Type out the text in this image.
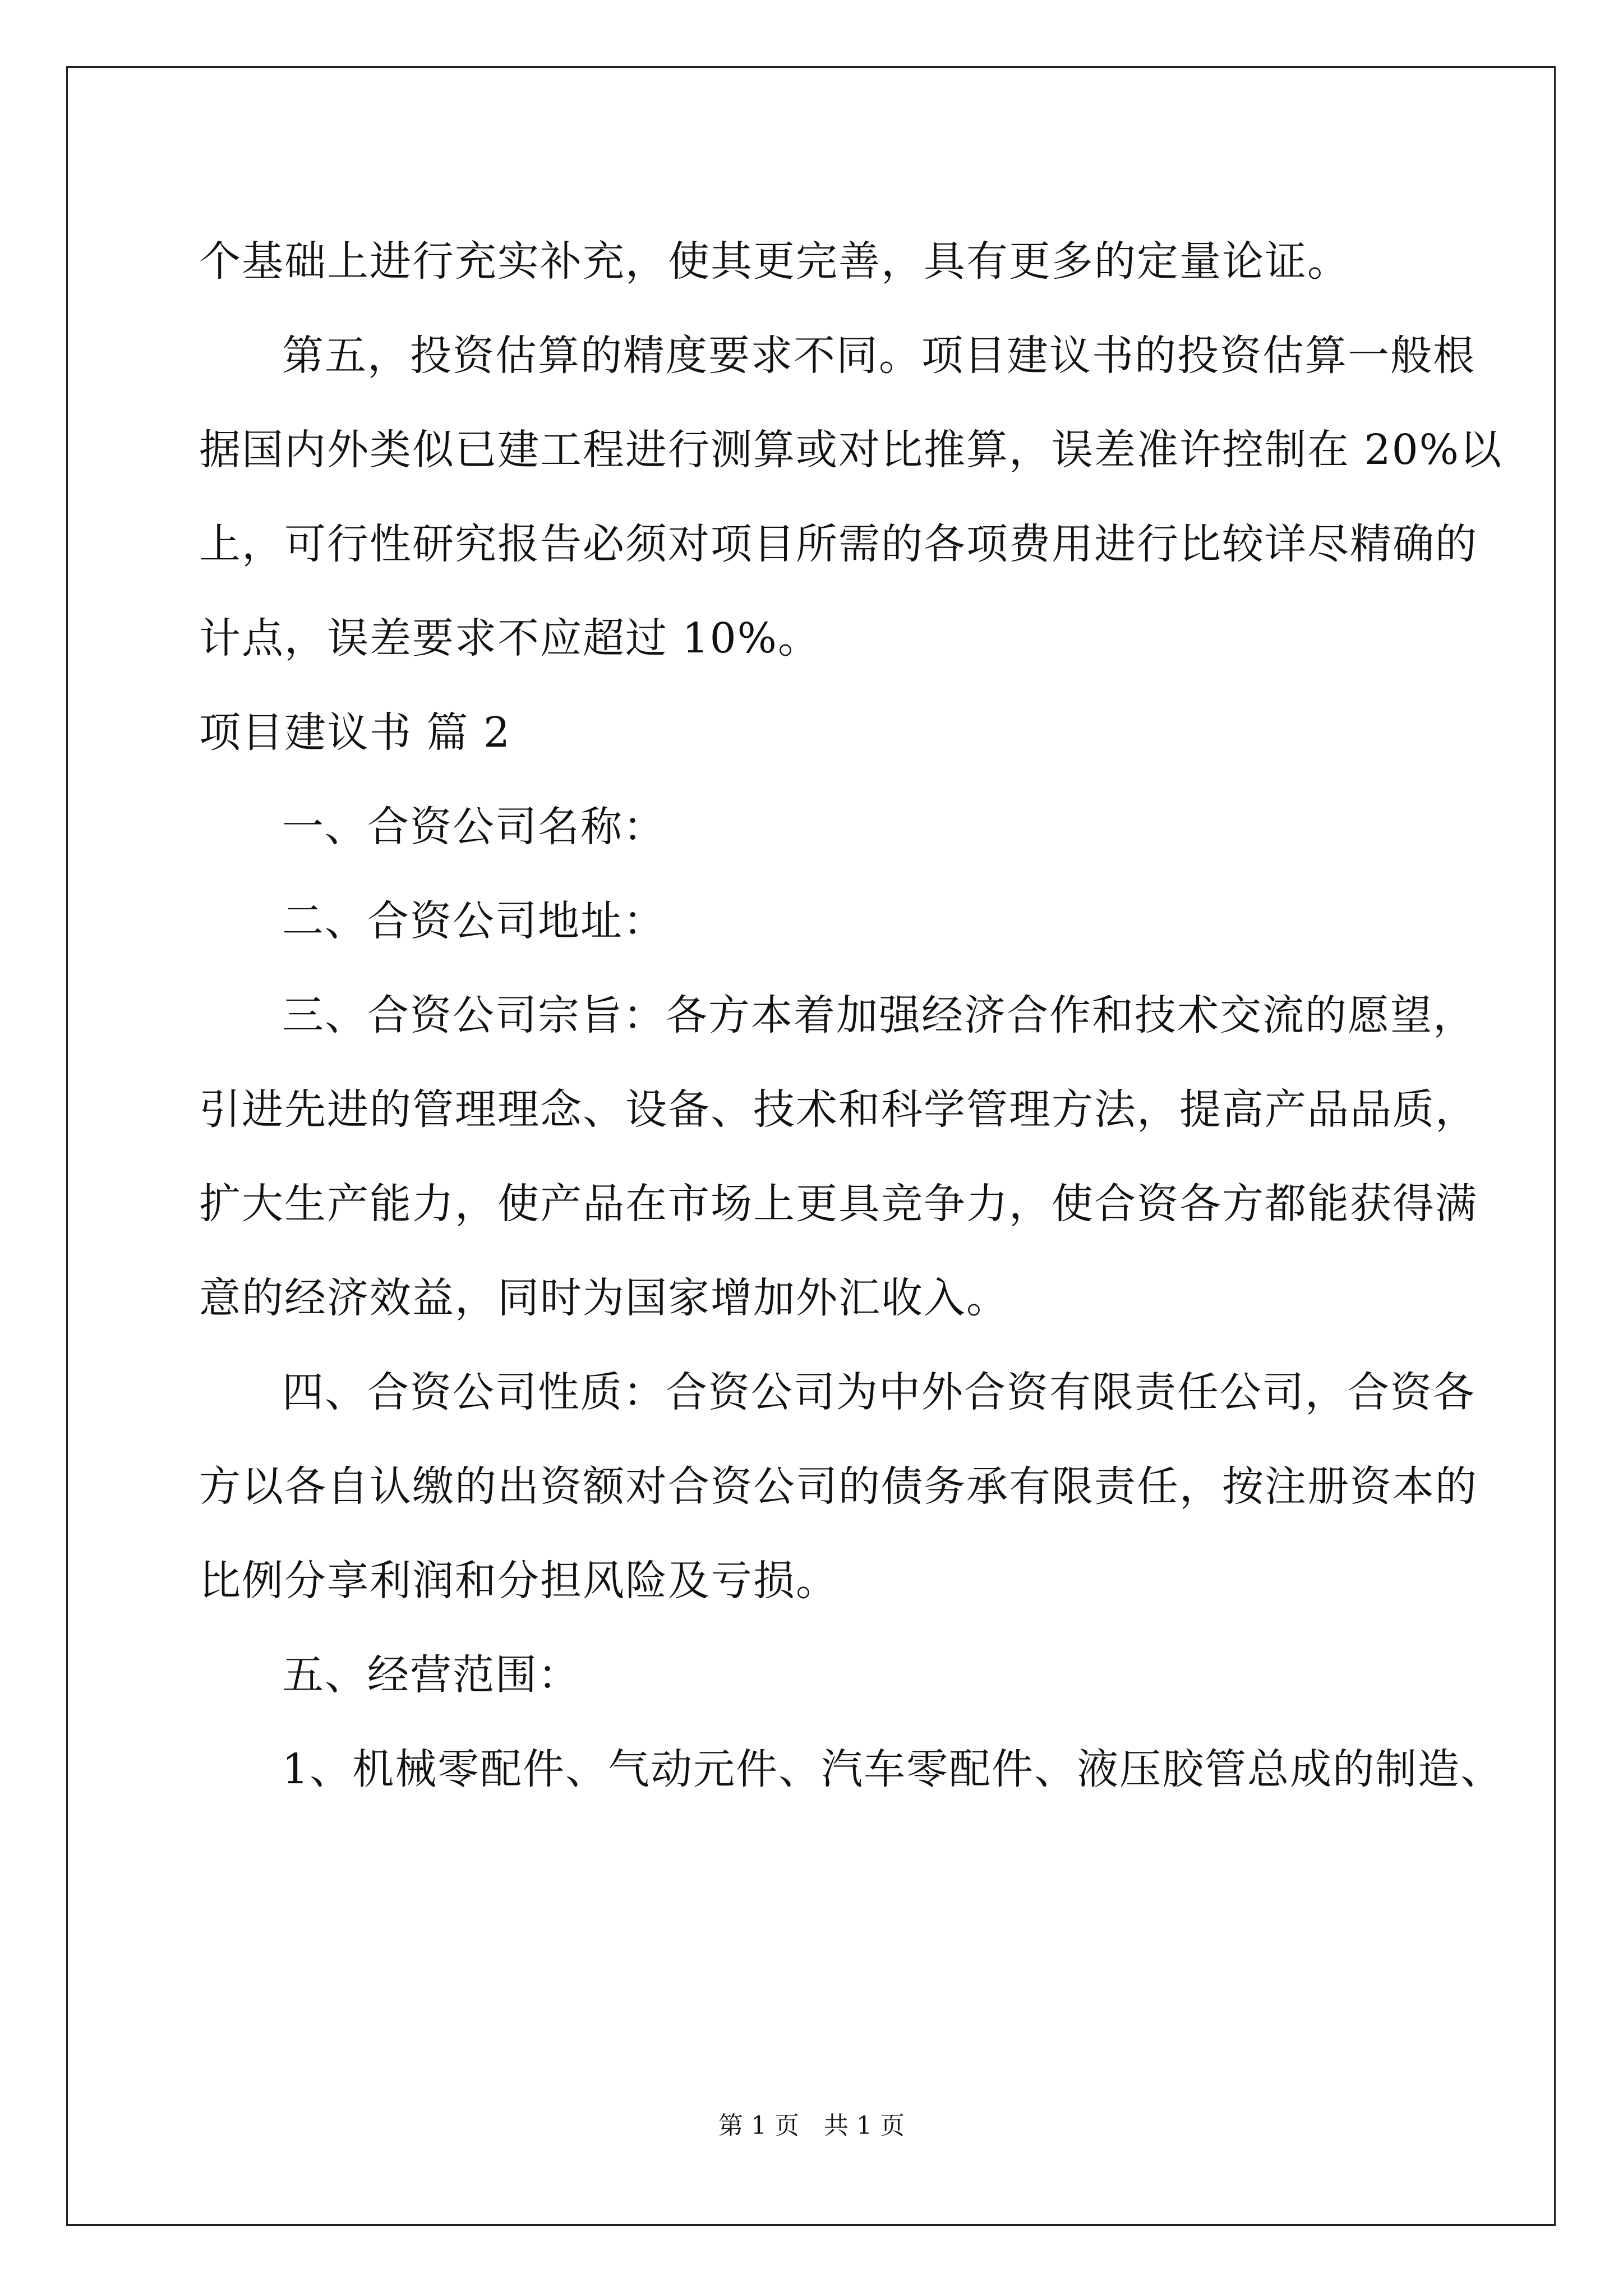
个基础上进行充实补充，使其更完善，具有更多的定量论证。
第五，投资估算的精度要求不同。项目建议书的投资估算一般根
据国内外类似已建工程进行测算或对比推算，误差准许控制在 20%以
上，可行性研究报告必须对项目所需的各项费用进行比较详尽精确的
计点，误差要求不应超过 10%。
项目建议书 篇 2
一、合资公司名称：
二、合资公司地址：
三、合资公司宗旨：各方本着加强经济合作和技术交流的愿望，
引进先进的管理理念、设备、技术和科学管理方法，提高产品品质，
扩大生产能力，使产品在市场上更具竞争力，使合资各方都能获得满
意的经济效益，同时为国家增加外汇收入。
四、合资公司性质：合资公司为中外合资有限责任公司，合资各
方以各自认缴的出资额对合资公司的债务承有限责任，按注册资本的
比例分享利润和分担风险及亏损。
五、经营范围：
1、机械零配件、气动元件、汽车零配件、液压胶管总成的制造、
第 1 页　共 1 页
